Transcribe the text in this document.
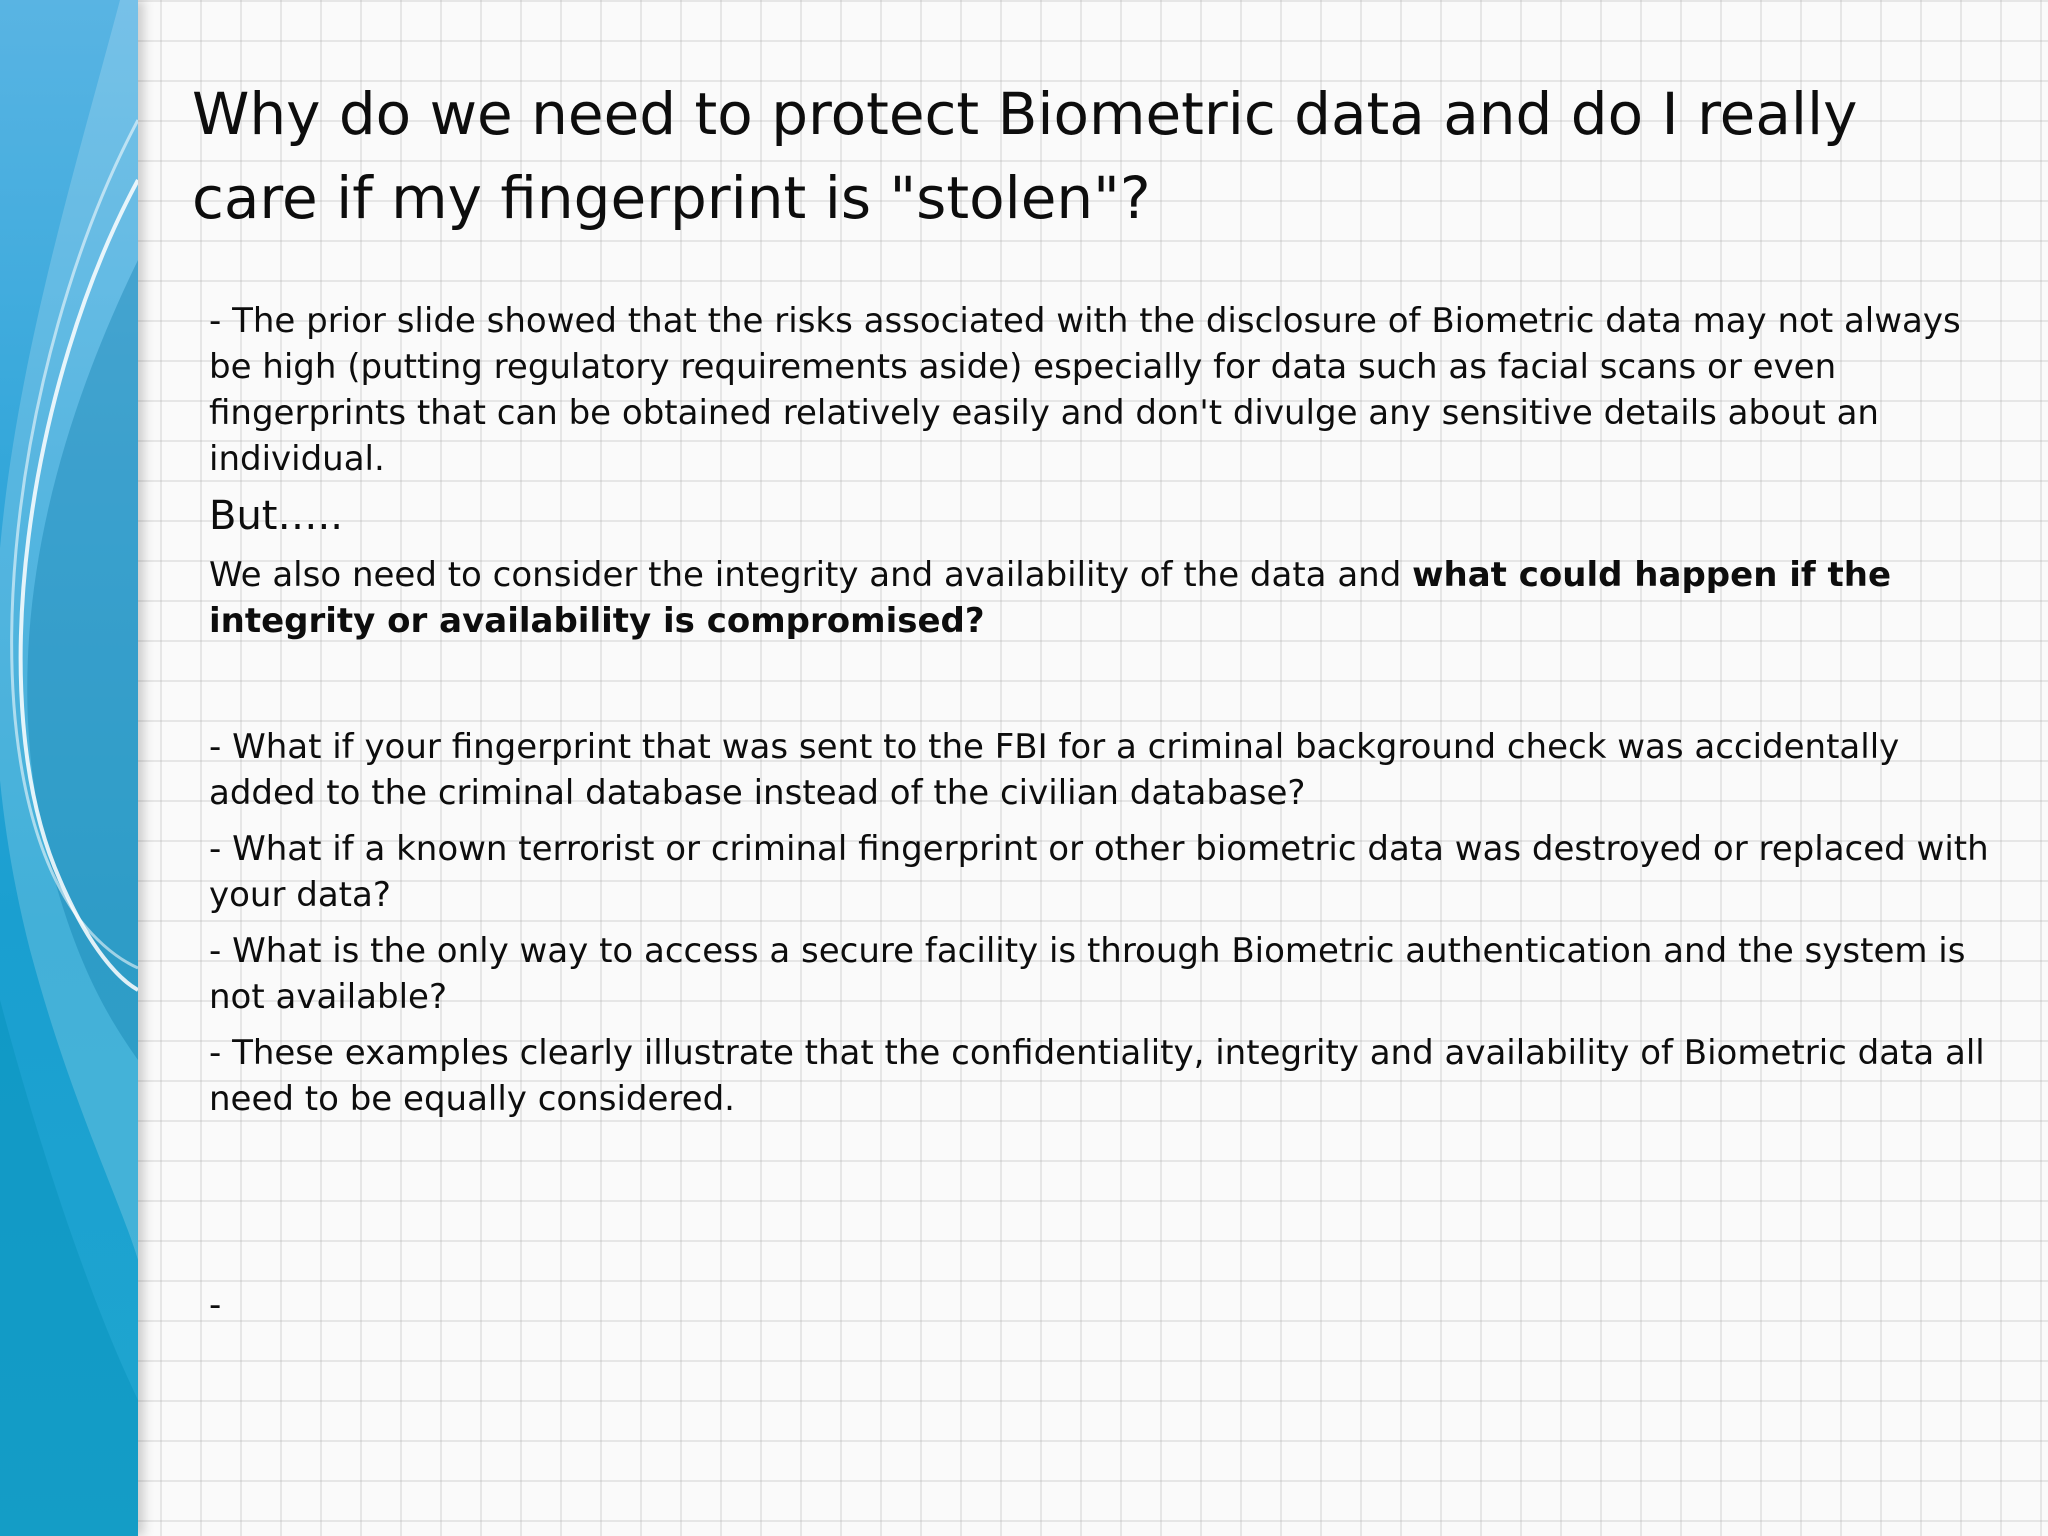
Why do we need to protect Biometric data and do I really care if my fingerprint is "stolen"?

- The prior slide showed that the risks associated with the disclosure of Biometric data may not always be high (putting regulatory requirements aside) especially for data such as facial scans or even fingerprints that can be obtained relatively easily and don't divulge any sensitive details about an individual.

But…..

We also need to consider the integrity and availability of the data and what could happen if the integrity or availability is compromised?

- What if your fingerprint that was sent to the FBI for a criminal background check was accidentally added to the criminal database instead of the civilian database?

- What if a known terrorist or criminal fingerprint or other biometric data was destroyed or replaced with your data?

- What is the only way to access a secure facility is through Biometric authentication and the system is not available?

- These examples clearly illustrate that the confidentiality, integrity and availability of Biometric data all need to be equally considered.

-
